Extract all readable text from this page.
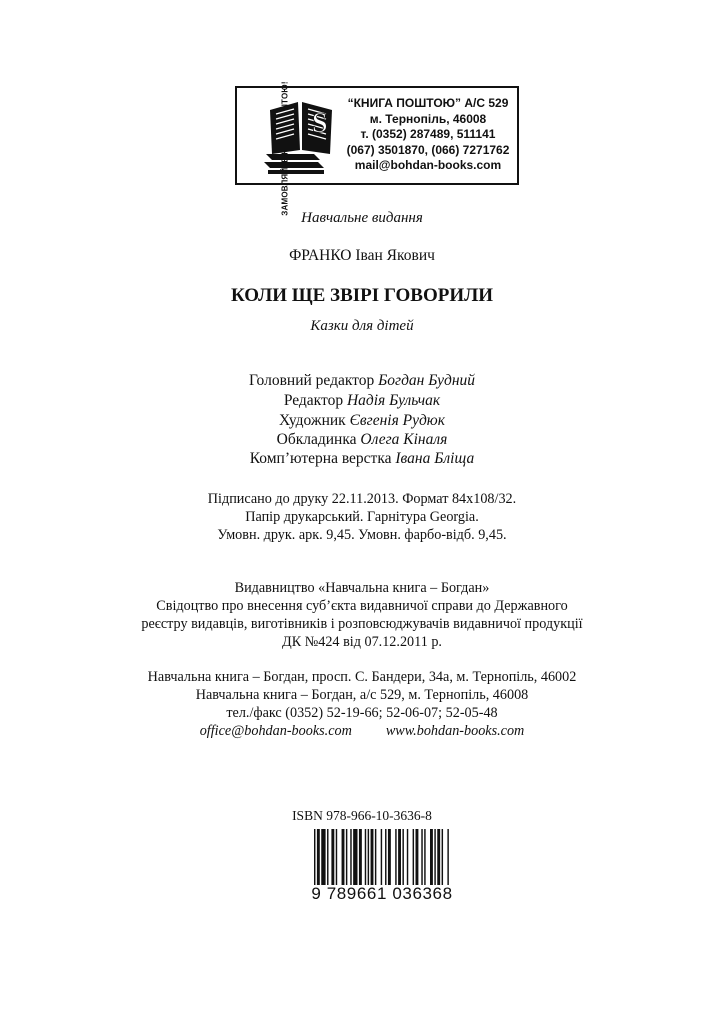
S
“КНИГА ПОШТОЮ” А/С 529
м. Тернопіль, 46008
т. (0352) 287489, 511141
(067) 3501870, (066) 7271762
mail@bohdan-books.com
Навчальне видання
ФРАНКО Іван Якович
КОЛИ ЩЕ ЗВІРІ ГОВОРИЛИ
Казки для дітей
Головний редактор Богдан Будний
Редактор Надія Бульчак
Художник Євгенія Рудюк
Обкладинка Олега Кіналя
Комп’ютерна верстка Івана Бліща
Підписано до друку 22.11.2013. Формат 84х108/32.
Папір друкарський. Гарнітура Georgia.
Умовн. друк. арк. 9,45. Умовн. фарбо-відб. 9,45.
Видавництво «Навчальна книга – Богдан»
Свідоцтво про внесення суб’єкта видавничої справи до Державного
реєстру видавців, виготівників і розповсюджувачів видавничої продукції
ДК №424 від 07.12.2011 р.
Навчальна книга – Богдан, просп. С. Бандери, 34а, м. Тернопіль, 46002
Навчальна книга – Богдан, а/с 529, м. Тернопіль, 46008
тел./факс (0352) 52-19-66; 52-06-07; 52-05-48
office@bohdan-books.com www.bohdan-books.com
ISBN 978-966-10-3636-8
9 789661 036368
